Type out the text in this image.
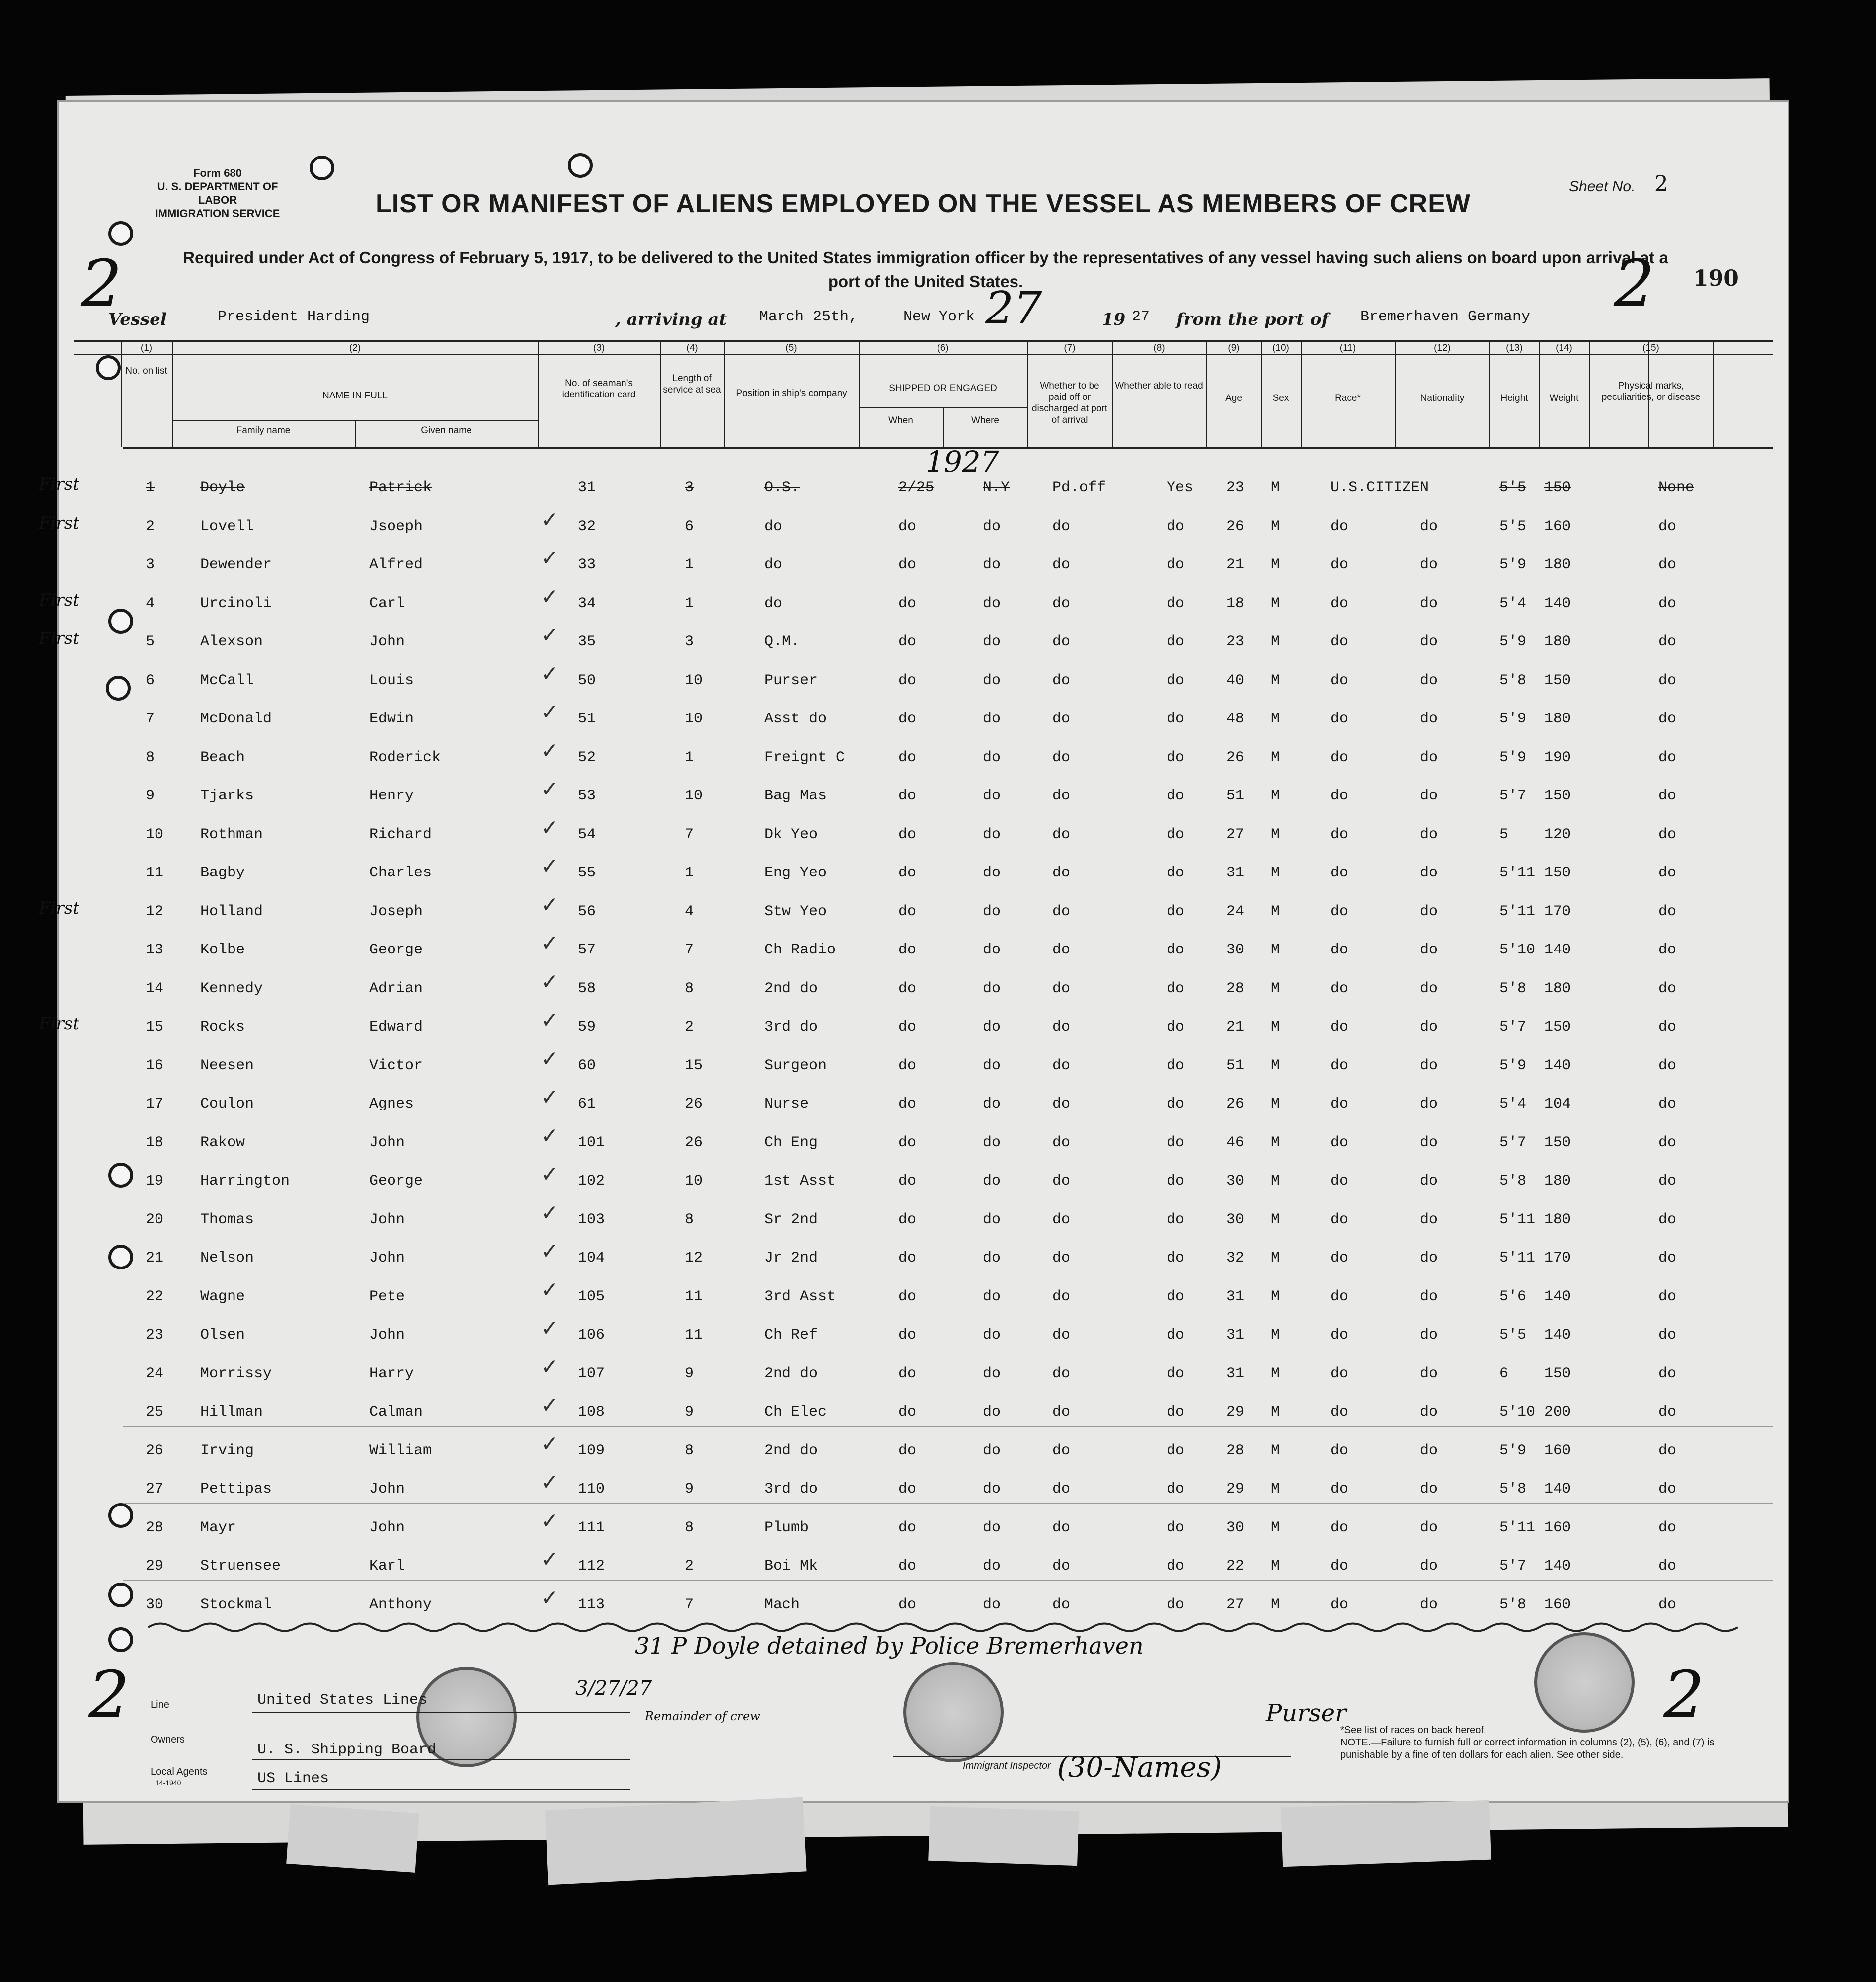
Form 680
U. S. DEPARTMENT OF LABOR
IMMIGRATION SERVICE
Sheet No. 2
LIST OR MANIFEST OF ALIENS EMPLOYED ON THE VESSEL AS MEMBERS OF CREW
Required under Act of Congress of February 5, 1917, to be delivered to the United States immigration officer by the representatives of any vessel having such aliens on board upon arrival at a
port of the United States.
2	2 190
Vessel	President Harding	, arriving at March 25th,	New York 27	19 27 from the port of Bremerhaven Germany
(1)
No. on list
(2)
NAME IN FULL
(3)
No. of seaman's identification card
(4)
Length of service at sea
(5)
Position in ship's company
(6)
SHIPPED OR ENGAGED
(7)
Whether to be paid off or discharged at port of arrival
(8)
Whether able to read
(9)
Age
(10)
Sex
(11)
Race*
(12)
Nationality
(13)
Height
(14)
Weight
(15)
Physical marks, peculiarities, or disease
Family name	Given name
When	Where
First	1	Doyle	Patrick	31	3	O.S.	2/25	N.Y	Pd.off	Yes 23 M	U.S.CITIZEN	5'5 150	None
First	2	Lovell	Jsoeph	32	6	do	do	do	do	do	26 M	do	do	5'5 160	do
✓
3	Dewender	Alfred	33	1	do	do	do	do	do	21 M	do	do	5'9 180	do
✓
First	4	Urcinoli	Carl	34	1	do	do	do	do	do	18 M	do	do	5'4 140	do
✓
First	5	Alexson	John	35	3	Q.M.	do	do	do	do	23 M	do	do	5'9 180	do
✓
6	McCall	Louis	50	10	Purser	do	do	do	do	40 M	do	do	5'8 150	do
✓
7	McDonald	Edwin	51	10	Asst do	do	do	do	do	48 M	do	do	5'9 180	do
✓
8	Beach	Roderick	52	1	Freignt C	do	do	do	do	26 M	do	do	5'9 190	do
✓
9	Tjarks	Henry	53	10	Bag Mas	do	do	do	do	51 M	do	do	5'7 150	do
✓
10 Rothman	Richard	54	7	Dk Yeo	do	do	do	do	27 M	do	do	5 120	do
✓
11 Bagby	Charles	55	1	Eng Yeo	do	do	do	do	31 M	do	do	5'11 150	do
✓
First	12 Holland	Joseph	56	4	Stw Yeo	do	do	do	do	24 M	do	do	5'11 170	do
✓
13 Kolbe	George	57	7	Ch Radio	do	do	do	do	30 M	do	do	5'10 140	do
✓
14 Kennedy	Adrian	58	8	2nd do	do	do	do	do	28 M	do	do	5'8 180	do
✓
First	15 Rocks	Edward	59	2	3rd do	do	do	do	do	21 M	do	do	5'7 150	do
✓
16 Neesen	Victor	60	15	Surgeon	do	do	do	do	51 M	do	do	5'9 140	do
✓
17 Coulon	Agnes	61	26	Nurse	do	do	do	do	26 M	do	do	5'4 104	do
✓
18 Rakow	John	101	26	Ch Eng	do	do	do	do	46 M	do	do	5'7 150	do
✓
19 Harrington	George	102	10	1st Asst	do	do	do	do	30 M	do	do	5'8 180	do
✓
20 Thomas	John	103	8	Sr 2nd	do	do	do	do	30 M	do	do	5'11 180	do
✓
21 Nelson	John	104	12	Jr 2nd	do	do	do	do	32 M	do	do	5'11 170	do
✓
22 Wagne	Pete	105	11	3rd Asst	do	do	do	do	31 M	do	do	5'6 140	do
✓
23 Olsen	John	106	11	Ch Ref	do	do	do	do	31 M	do	do	5'5 140	do
✓
24 Morrissy	Harry	107	9	2nd do	do	do	do	do	31 M	do	do	6 150	do
✓
25 Hillman	Calman	108	9	Ch Elec	do	do	do	do	29 M	do	do	5'10 200	do
✓
26 Irving	William	109	8	2nd do	do	do	do	do	28 M	do	do	5'9 160	do
✓
27 Pettipas	John	110	9	3rd do	do	do	do	do	29 M	do	do	5'8 140	do
✓
28 Mayr	John	111	8	Plumb	do	do	do	do	30 M	do	do	5'11 160	do
✓
29 Struensee	Karl	112	2	Boi Mk	do	do	do	do	22 M	do	do	5'7 140	do
✓
30 Stockmal	Anthony	113	7	Mach	do	do	do	do	27 M	do	do	5'8 160	do
✓
1927
2	2
31 P Doyle detained by Police Bremerhaven
3/27/27
Remainder of crew	Purser
Line	United States Lines
Owners
U. S. Shipping Board
Local Agents
14-1940	US Lines
Immigrant Inspector (30-Names)
*See list of races on back hereof.
NOTE.—Failure to furnish full or correct information in columns (2), (5), (6), and (7) is punishable by a fine of ten dollars for each alien. See other side.
